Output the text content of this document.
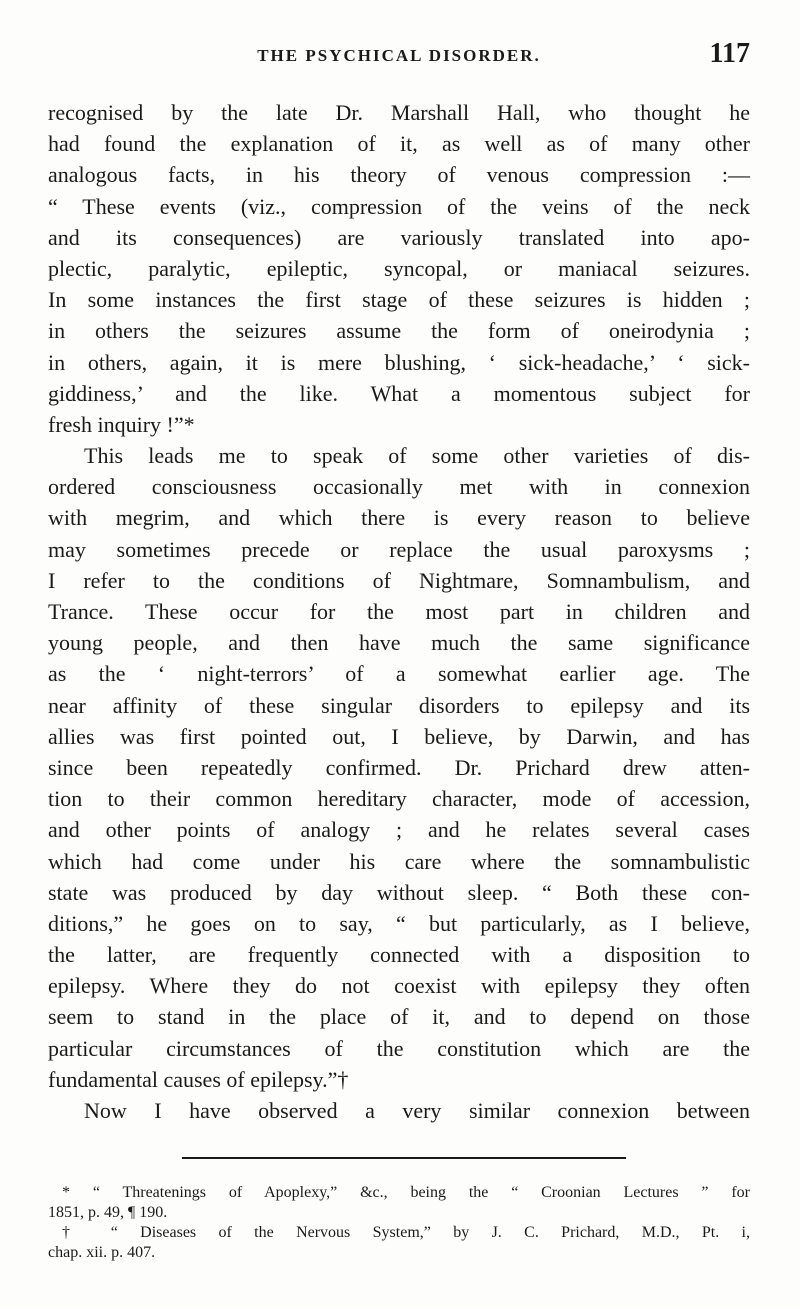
THE PSYCHICAL DISORDER.	117
recognised by the late Dr. Marshall Hall, who thought he
had found the explanation of it, as well as of many other
analogous facts, in his theory of venous compression :—
“ These events (viz., compression of the veins of the neck
and its consequences) are variously translated into apo-
plectic, paralytic, epileptic, syncopal, or maniacal seizures.
In some instances the first stage of these seizures is hidden ;
in others the seizures assume the form of oneirodynia ;
in others, again, it is mere blushing, ‘ sick-headache,’ ‘ sick-
giddiness,’ and the like. What a momentous subject for
fresh inquiry !”*
This leads me to speak of some other varieties of dis-
ordered consciousness occasionally met with in connexion
with megrim, and which there is every reason to believe
may sometimes precede or replace the usual paroxysms ;
I refer to the conditions of Nightmare, Somnambulism, and
Trance. These occur for the most part in children and
young people, and then have much the same significance
as the ‘ night-terrors’ of a somewhat earlier age. The
near affinity of these singular disorders to epilepsy and its
allies was first pointed out, I believe, by Darwin, and has
since been repeatedly confirmed. Dr. Prichard drew atten-
tion to their common hereditary character, mode of accession,
and other points of analogy ; and he relates several cases
which had come under his care where the somnambulistic
state was produced by day without sleep. “ Both these con-
ditions,” he goes on to say, “ but particularly, as I believe,
the latter, are frequently connected with a disposition to
epilepsy. Where they do not coexist with epilepsy they often
seem to stand in the place of it, and to depend on those
particular circumstances of the constitution which are the
fundamental causes of epilepsy.”†
Now I have observed a very similar connexion between
* “ Threatenings of Apoplexy,” &c., being the “ Croonian Lectures ” for
1851, p. 49, ¶ 190.
† “ Diseases of the Nervous System,” by J. C. Prichard, M.D., Pt. i,
chap. xii. p. 407.
